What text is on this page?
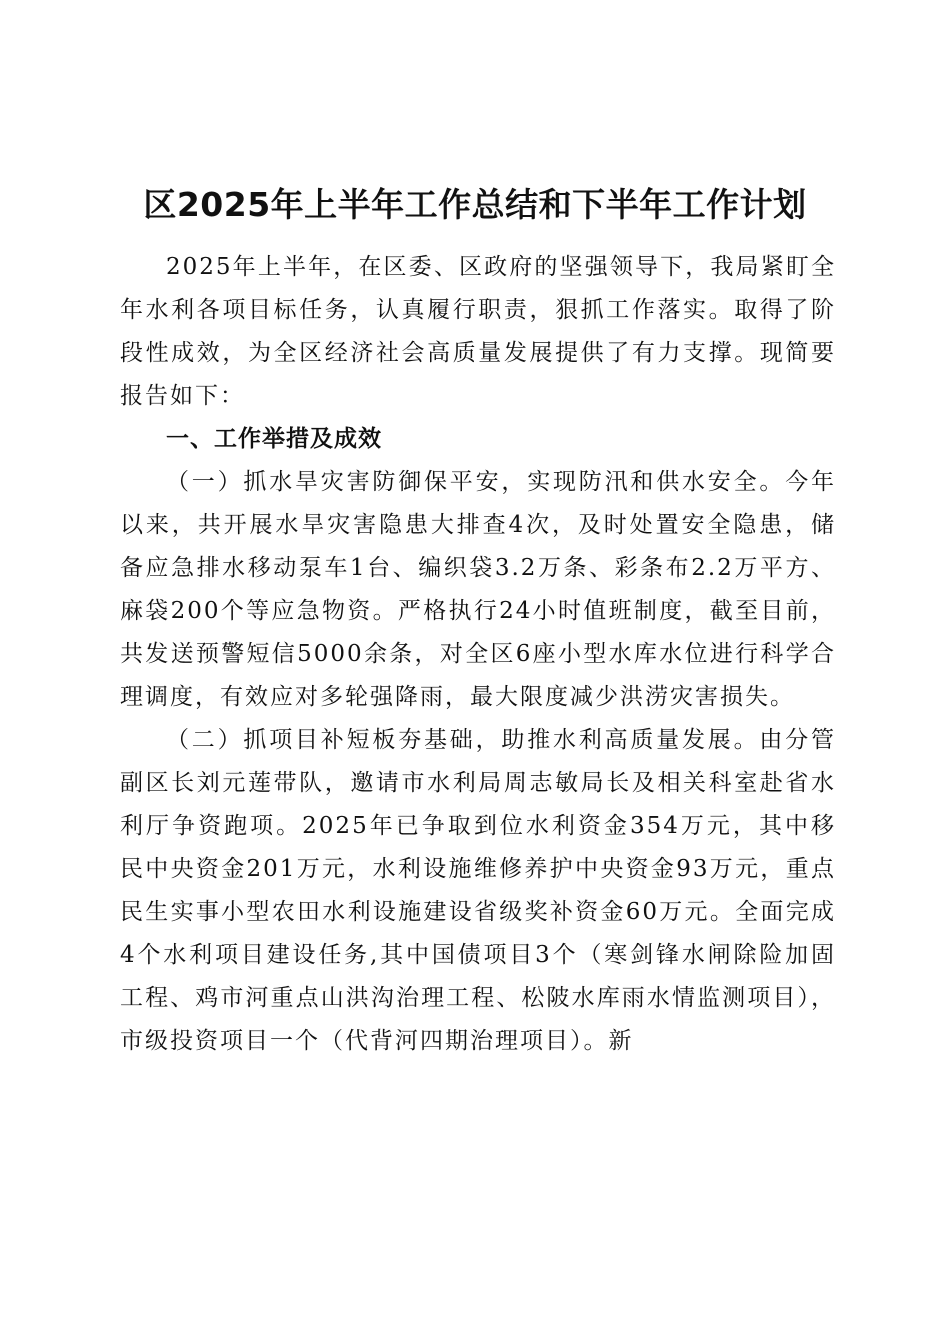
区2025年上半年工作总结和下半年工作计划

2025年上半年，在区委、区政府的坚强领导下，我局紧盯全年水利各项目标任务，认真履行职责，狠抓工作落实。取得了阶段性成效，为全区经济社会高质量发展提供了有力支撑。现简要报告如下：

一、工作举措及成效

（一）抓水旱灾害防御保平安，实现防汛和供水安全。今年以来，共开展水旱灾害隐患大排查4次，及时处置安全隐患，储备应急排水移动泵车1台、编织袋3.2万条、彩条布2.2万平方、麻袋200个等应急物资。严格执行24小时值班制度，截至目前，共发送预警短信5000余条，对全区6座小型水库水位进行科学合理调度，有效应对多轮强降雨，最大限度减少洪涝灾害损失。

（二）抓项目补短板夯基础，助推水利高质量发展。由分管副区长刘元莲带队，邀请市水利局周志敏局长及相关科室赴省水利厅争资跑项。2025年已争取到位水利资金354万元，其中移民中央资金201万元，水利设施维修养护中央资金93万元，重点民生实事小型农田水利设施建设省级奖补资金60万元。全面完成4个水利项目建设任务,其中国债项目3个（寒剑锋水闸除险加固工程、鸡市河重点山洪沟治理工程、松陂水库雨水情监测项目），市级投资项目一个（代背河四期治理项目）。新
